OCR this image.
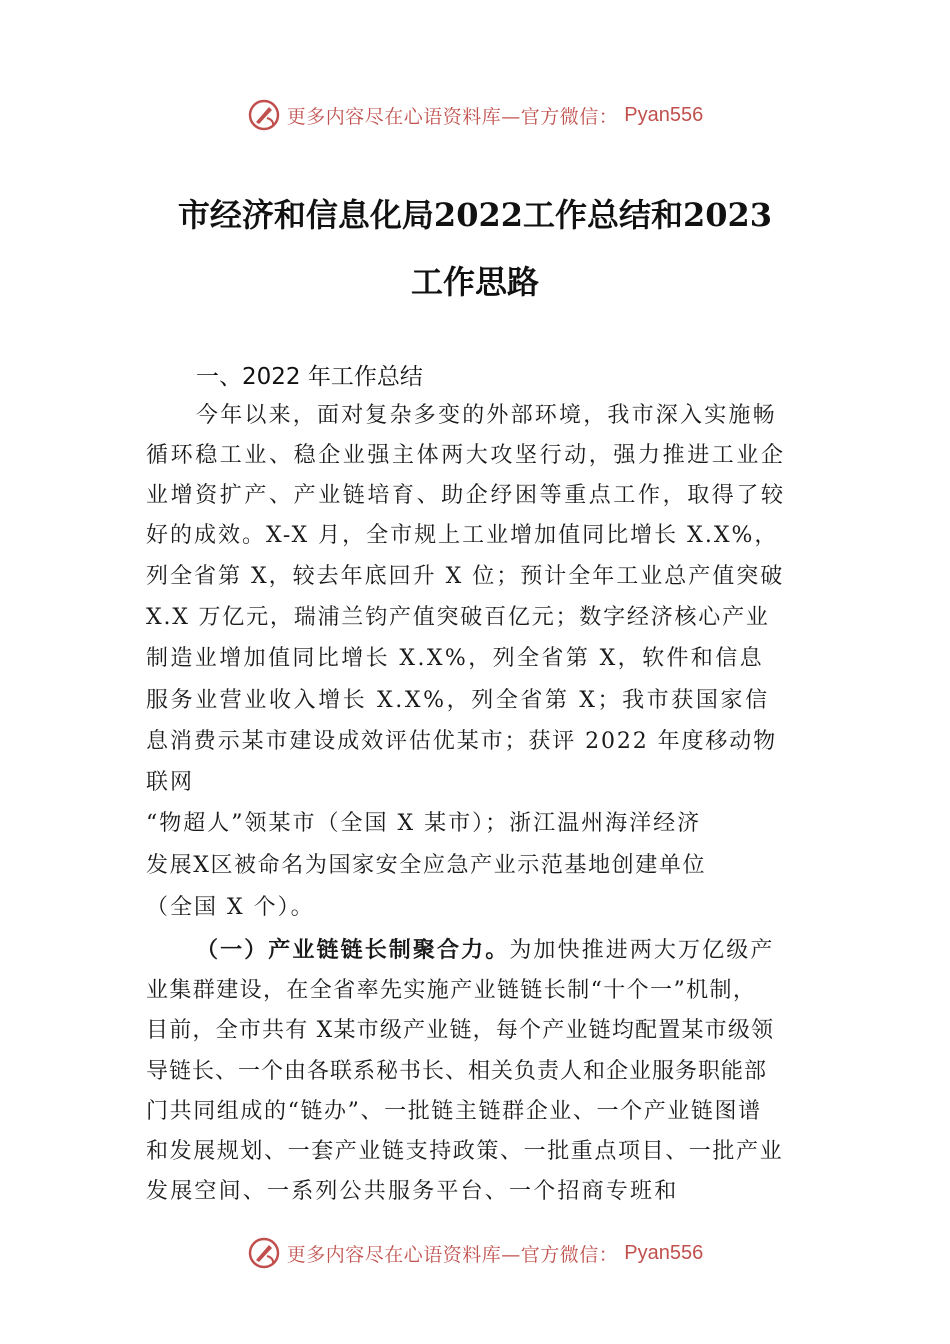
更多内容尽在心语资料库—官方微信： Pyan556
市经济和信息化局2022工作总结和2023
工作思路
一、2022 年工作总结
今年以来，面对复杂多变的外部环境，我市深入实施畅
循环稳工业、稳企业强主体两大攻坚行动，强力推进工业企
业增资扩产、产业链培育、助企纾困等重点工作，取得了较
好的成效。X-X 月，全市规上工业增加值同比增长 X.X%，
列全省第 X，较去年底回升 X 位；预计全年工业总产值突破
X.X 万亿元，瑞浦兰钧产值突破百亿元；数字经济核心产业
制造业增加值同比增长 X.X%，列全省第 X，软件和信息
服务业营业收入增长 X.X%，列全省第 X；我市获国家信
息消费示某市建设成效评估优某市；获评 2022 年度移动物
联网
“物超人”领某市（全国 X 某市）；浙江温州海洋经济
发展X区被命名为国家安全应急产业示范基地创建单位
（全国 X 个）。
（一）产业链链长制聚合力。为加快推进两大万亿级产
业集群建设，在全省率先实施产业链链长制“十个一”机制，
目前，全市共有 X某市级产业链，每个产业链均配置某市级领
导链长、一个由各联系秘书长、相关负责人和企业服务职能部
门共同组成的“链办”、一批链主链群企业、一个产业链图谱
和发展规划、一套产业链支持政策、一批重点项目、一批产业
发展空间、一系列公共服务平台、一个招商专班和
更多内容尽在心语资料库—官方微信： Pyan556
